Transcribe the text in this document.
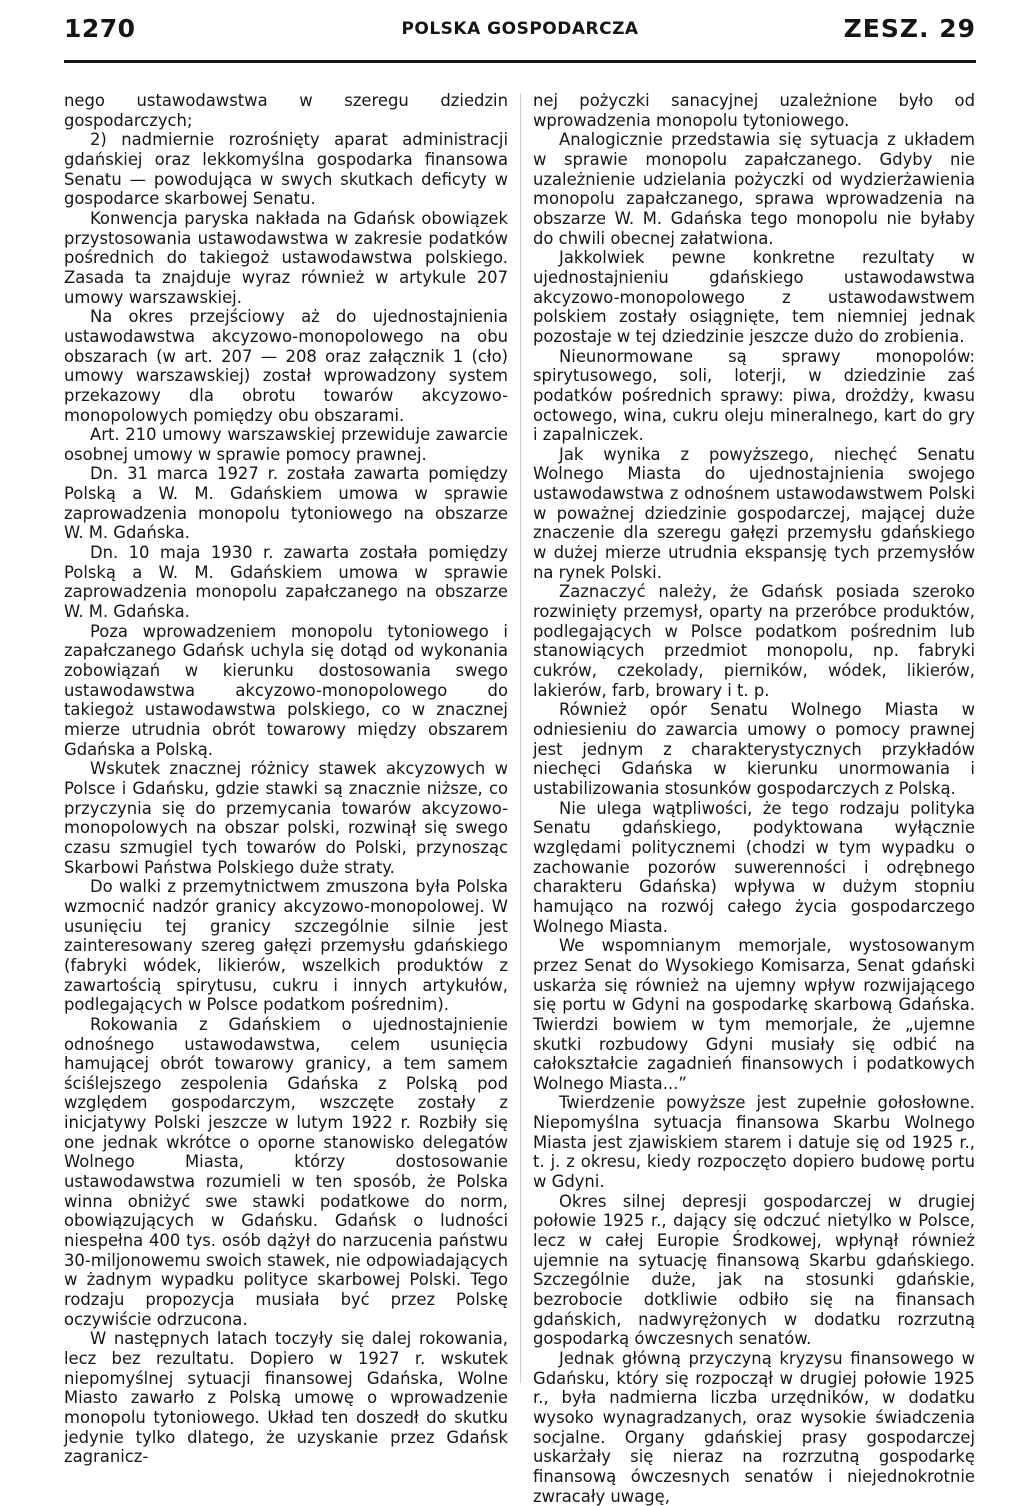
1270	POLSKA GOSPODARCZA	ZESZ. 29

nego ustawodawstwa w szeregu dziedzin gospodarczych;

2) nadmiernie rozrośnięty aparat administracji gdańskiej oraz lekkomyślna gospodarka finansowa Senatu — powodująca w swych skutkach deficyty w gospodarce skarbowej Senatu.

Konwencja paryska nakłada na Gdańsk obowiązek przystosowania ustawodawstwa w zakresie podatków pośrednich do takiegoż ustawodawstwa polskiego. Zasada ta znajduje wyraz również w artykule 207 umowy warszawskiej.

Na okres przejściowy aż do ujednostajnienia ustawodawstwa akcyzowo-monopolowego na obu obszarach (w art. 207 — 208 oraz załącznik 1 (cło) umowy warszawskiej) został wprowadzony system przekazowy dla obrotu towarów akcyzowo-monopolowych pomiędzy obu obszarami.

Art. 210 umowy warszawskiej przewiduje zawarcie osobnej umowy w sprawie pomocy prawnej.

Dn. 31 marca 1927 r. została zawarta pomiędzy Polską a W. M. Gdańskiem umowa w sprawie zaprowadzenia monopolu tytoniowego na obszarze W. M. Gdańska.

Dn. 10 maja 1930 r. zawarta została pomiędzy Polską a W. M. Gdańskiem umowa w sprawie zaprowadzenia monopolu zapałczanego na obszarze W. M. Gdańska.

Poza wprowadzeniem monopolu tytoniowego i zapałczanego Gdańsk uchyla się dotąd od wykonania zobowiązań w kierunku dostosowania swego ustawodawstwa akcyzowo-monopolowego do takiegoż ustawodawstwa polskiego, co w znacznej mierze utrudnia obrót towarowy między obszarem Gdańska a Polską.

Wskutek znacznej różnicy stawek akcyzowych w Polsce i Gdańsku, gdzie stawki są znacznie niższe, co przyczynia się do przemycania towarów akcyzowo-monopolowych na obszar polski, rozwinął się swego czasu szmugiel tych towarów do Polski, przynosząc Skarbowi Państwa Polskiego duże straty.

Do walki z przemytnictwem zmuszona była Polska wzmocnić nadzór granicy akcyzowo-monopolowej. W usunięciu tej granicy szczególnie silnie jest zainteresowany szereg gałęzi przemysłu gdańskiego (fabryki wódek, likierów, wszelkich produktów z zawartością spirytusu, cukru i innych artykułów, podlegających w Polsce podatkom pośrednim).

Rokowania z Gdańskiem o ujednostajnienie odnośnego ustawodawstwa, celem usunięcia hamującej obrót towarowy granicy, a tem samem ściślejszego zespolenia Gdańska z Polską pod względem gospodarczym, wszczęte zostały z inicjatywy Polski jeszcze w lutym 1922 r. Rozbiły się one jednak wkrótce o oporne stanowisko delegatów Wolnego Miasta, którzy dostosowanie ustawodawstwa rozumieli w ten sposób, że Polska winna obniżyć swe stawki podatkowe do norm, obowiązujących w Gdańsku. Gdańsk o ludności niespełna 400 tys. osób dążył do narzucenia państwu 30-miljonowemu swoich stawek, nie odpowiadających w żadnym wypadku polityce skarbowej Polski. Tego rodzaju propozycja musiała być przez Polskę oczywiście odrzucona.

W następnych latach toczyły się dalej rokowania, lecz bez rezultatu. Dopiero w 1927 r. wskutek niepomyślnej sytuacji finansowej Gdańska, Wolne Miasto zawarło z Polską umowę o wprowadzenie monopolu tytoniowego. Układ ten doszedł do skutku jedynie tylko dlatego, że uzyskanie przez Gdańsk zagranicz-

nej pożyczki sanacyjnej uzależnione było od wprowadzenia monopolu tytoniowego.

Analogicznie przedstawia się sytuacja z układem w sprawie monopolu zapałczanego. Gdyby nie uzależnienie udzielania pożyczki od wydzierżawienia monopolu zapałczanego, sprawa wprowadzenia na obszarze W. M. Gdańska tego monopolu nie byłaby do chwili obecnej załatwiona.

Jakkolwiek pewne konkretne rezultaty w ujednostajnieniu gdańskiego ustawodawstwa akcyzowo-monopolowego z ustawodawstwem polskiem zostały osiągnięte, tem niemniej jednak pozostaje w tej dziedzinie jeszcze dużo do zrobienia.

Nieunormowane są sprawy monopolów: spirytusowego, soli, loterji, w dziedzinie zaś podatków pośrednich sprawy: piwa, drożdży, kwasu octowego, wina, cukru oleju mineralnego, kart do gry i zapalniczek.

Jak wynika z powyższego, niechęć Senatu Wolnego Miasta do ujednostajnienia swojego ustawodawstwa z odnośnem ustawodawstwem Polski w poważnej dziedzinie gospodarczej, mającej duże znaczenie dla szeregu gałęzi przemysłu gdańskiego w dużej mierze utrudnia ekspansję tych przemysłów na rynek Polski.

Zaznaczyć należy, że Gdańsk posiada szeroko rozwinięty przemysł, oparty na przeróbce produktów, podlegających w Polsce podatkom pośrednim lub stanowiących przedmiot monopolu, np. fabryki cukrów, czekolady, pierników, wódek, likierów, lakierów, farb, browary i t. p.

Również opór Senatu Wolnego Miasta w odniesieniu do zawarcia umowy o pomocy prawnej jest jednym z charakterystycznych przykładów niechęci Gdańska w kierunku unormowania i ustabilizowania stosunków gospodarczych z Polską.

Nie ulega wątpliwości, że tego rodzaju polityka Senatu gdańskiego, podyktowana wyłącznie względami politycznemi (chodzi w tym wypadku o zachowanie pozorów suwerenności i odrębnego charakteru Gdańska) wpływa w dużym stopniu hamująco na rozwój całego życia gospodarczego Wolnego Miasta.

We wspomnianym memorjale, wystosowanym przez Senat do Wysokiego Komisarza, Senat gdański uskarża się również na ujemny wpływ rozwijającego się portu w Gdyni na gospodarkę skarbową Gdańska. Twierdzi bowiem w tym memorjale, że „ujemne skutki rozbudowy Gdyni musiały się odbić na całokształcie zagadnień finansowych i podatkowych Wolnego Miasta...”

Twierdzenie powyższe jest zupełnie gołosłowne. Niepomyślna sytuacja finansowa Skarbu Wolnego Miasta jest zjawiskiem starem i datuje się od 1925 r., t. j. z okresu, kiedy rozpoczęto dopiero budowę portu w Gdyni.

Okres silnej depresji gospodarczej w drugiej połowie 1925 r., dający się odczuć nietylko w Polsce, lecz w całej Europie Środkowej, wpłynął również ujemnie na sytuację finansową Skarbu gdańskiego. Szczególnie duże, jak na stosunki gdańskie, bezrobocie dotkliwie odbiło się na finansach gdańskich, nadwyrężonych w dodatku rozrzutną gospodarką ówczesnych senatów.

Jednak główną przyczyną kryzysu finansowego w Gdańsku, który się rozpoczął w drugiej połowie 1925 r., była nadmierna liczba urzędników, w dodatku wysoko wynagradzanych, oraz wysokie świadczenia socjalne. Organy gdańskiej prasy gospodarczej uskarżały się nieraz na rozrzutną gospodarkę finansową ówczesnych senatów i niejednokrotnie zwracały uwagę,
